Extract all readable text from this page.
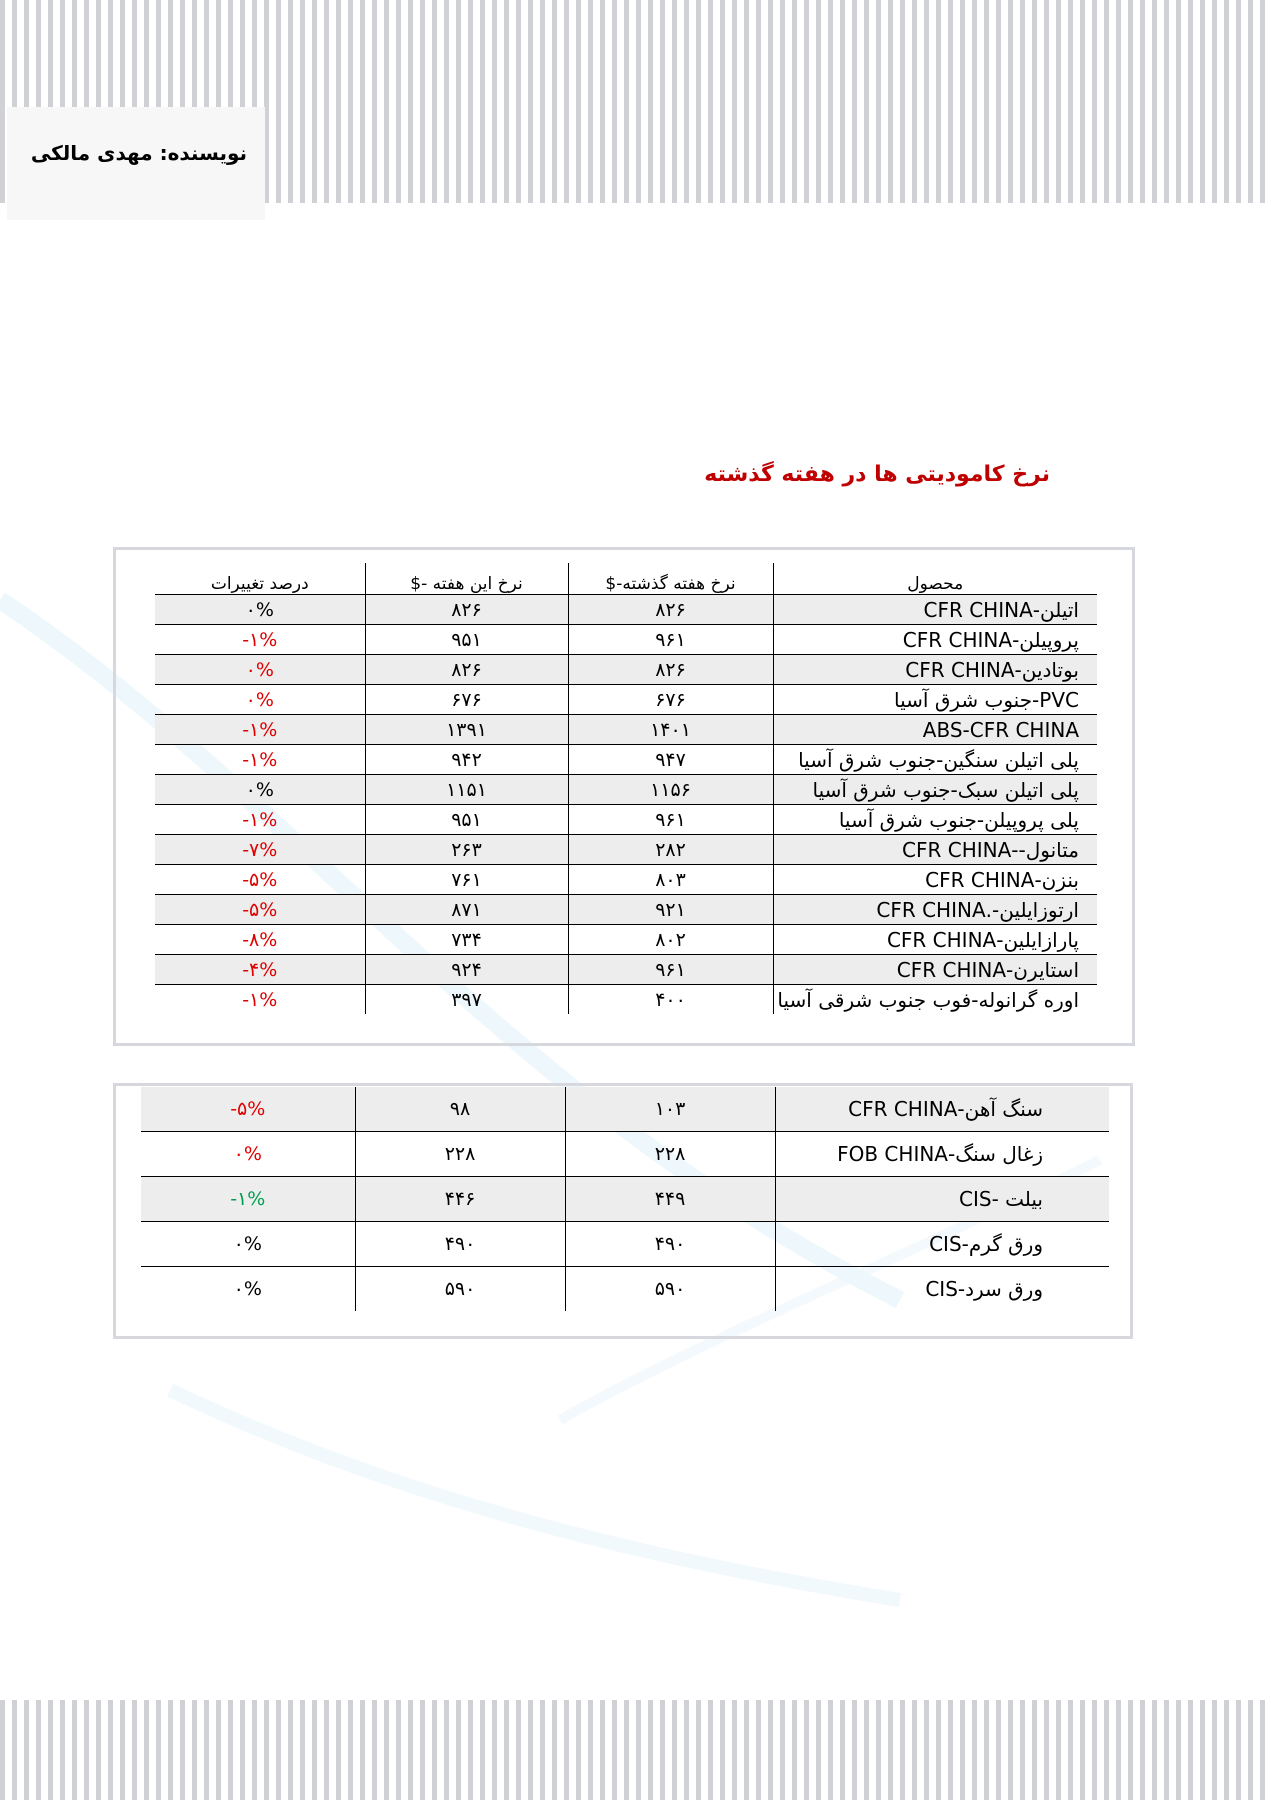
نویسنده: مهدی مالکی
نرخ کامودیتی ها در هفته گذشته
محصول	نرخ هفته گذشته-$	نرخ این هفته -$	درصد تغییرات
اتیلن-CFR CHINA	۸۲۶	۸۲۶	۰%
پروپیلن-CFR CHINA	۹۶۱	۹۵۱	-۱%
بوتادین-CFR CHINA	۸۲۶	۸۲۶	۰%
PVC-جنوب شرق آسیا	۶۷۶	۶۷۶	۰%
ABS-CFR CHINA	۱۴۰۱	۱۳۹۱	-۱%
پلی اتیلن سنگین-جنوب شرق آسیا	۹۴۷	۹۴۲	-۱%
پلی اتیلن سبک-جنوب شرق آسیا	۱۱۵۶	۱۱۵۱	۰%
پلی پروپیلن-جنوب شرق آسیا	۹۶۱	۹۵۱	-۱%
متانول--CFR CHINA	۲۸۲	۲۶۳	-۷%
بنزن-CFR CHINA	۸۰۳	۷۶۱	-۵%
ارتوزایلین-.CFR CHINA	۹۲۱	۸۷۱	-۵%
پارازایلین-CFR CHINA	۸۰۲	۷۳۴	-۸%
استایرن-CFR CHINA	۹۶۱	۹۲۴	-۴%
اوره گرانوله-فوب جنوب شرقی آسیا	۴۰۰	۳۹۷	-۱%
سنگ آهن-CFR CHINA	۱۰۳	۹۸	-۵%
زغال سنگ-FOB CHINA	۲۲۸	۲۲۸	۰%
بیلت -CIS	۴۴۹	۴۴۶	-۱%
ورق گرم-CIS	۴۹۰	۴۹۰	۰%
ورق سرد-CIS	۵۹۰	۵۹۰	۰%
